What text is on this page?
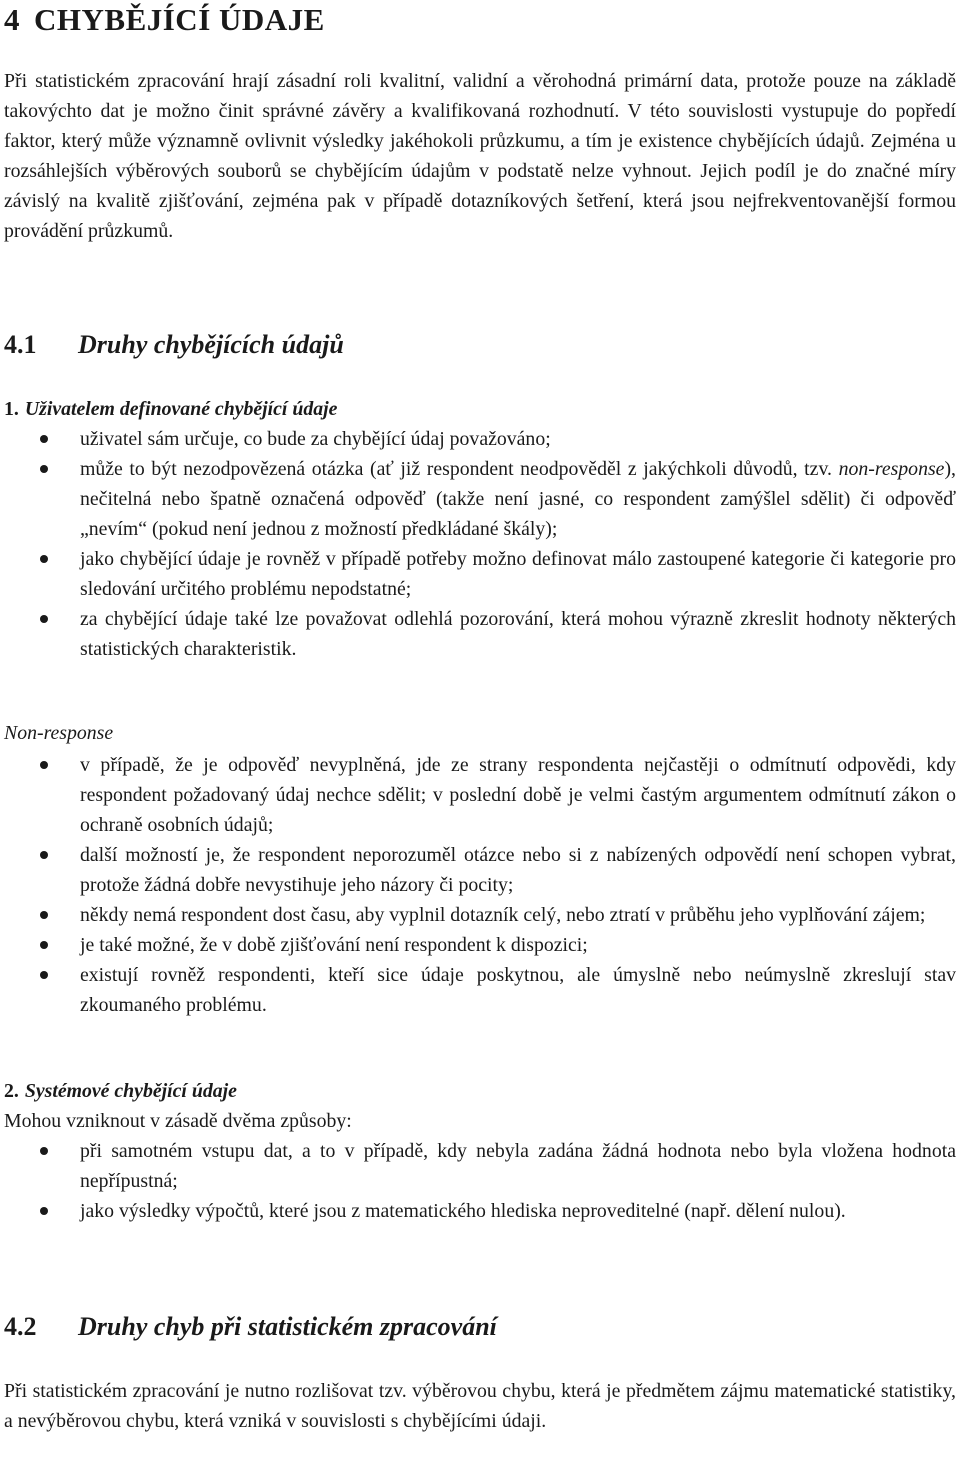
4 CHYBĚJÍCÍ ÚDAJE

Při statistickém zpracování hrají zásadní roli kvalitní, validní a věrohodná primární data, protože pouze na základě takovýchto dat je možno činit správné závěry a kvalifikovaná rozhodnutí. V této souvislosti vystupuje do popředí faktor, který může významně ovlivnit výsledky jakéhokoli průzkumu, a tím je existence chybějících údajů. Zejména u rozsáhlejších výběrových souborů se chybějícím údajům v podstatě nelze vyhnout. Jejich podíl je do značné míry závislý na kvalitě zjišťování, zejména pak v případě dotazníkových šetření, která jsou nejfrekventovanější formou provádění průzkumů.

4.1 Druhy chybějících údajů
1. Uživatelem definované chybějící údaje
uživatel sám určuje, co bude za chybějící údaj považováno;
může to být nezodpovězená otázka (ať již respondent neodpověděl z jakýchkoli důvodů, tzv. non-response), nečitelná nebo špatně označená odpověď (takže není jasné, co respondent zamýšlel sdělit) či odpověď „nevím“ (pokud není jednou z možností předkládané škály);
jako chybějící údaje je rovněž v případě potřeby možno definovat málo zastoupené kategorie či kategorie pro sledování určitého problému nepodstatné;
za chybějící údaje také lze považovat odlehlá pozorování, která mohou výrazně zkreslit hodnoty některých statistických charakteristik.
Non-response
v případě, že je odpověď nevyplněná, jde ze strany respondenta nejčastěji o odmítnutí odpovědi, kdy respondent požadovaný údaj nechce sdělit; v poslední době je velmi častým argumentem odmítnutí zákon o ochraně osobních údajů;
další možností je, že respondent neporozuměl otázce nebo si z nabízených odpovědí není schopen vybrat, protože žádná dobře nevystihuje jeho názory či pocity;
někdy nemá respondent dost času, aby vyplnil dotazník celý, nebo ztratí v průběhu jeho vyplňování zájem;
je také možné, že v době zjišťování není respondent k dispozici;
existují rovněž respondenti, kteří sice údaje poskytnou, ale úmyslně nebo neúmyslně zkreslují stav zkoumaného problému.
2. Systémové chybějící údaje

Mohou vzniknout v zásadě dvěma způsoby:

při samotném vstupu dat, a to v případě, kdy nebyla zadána žádná hodnota nebo byla vložena hodnota nepřípustná;
jako výsledky výpočtů, které jsou z matematického hlediska neproveditelné (např. dělení nulou).
4.2 Druhy chyb při statistickém zpracování

Při statistickém zpracování je nutno rozlišovat tzv. výběrovou chybu, která je předmětem zájmu matematické statistiky, a nevýběrovou chybu, která vzniká v souvislosti s chybějícími údaji.
